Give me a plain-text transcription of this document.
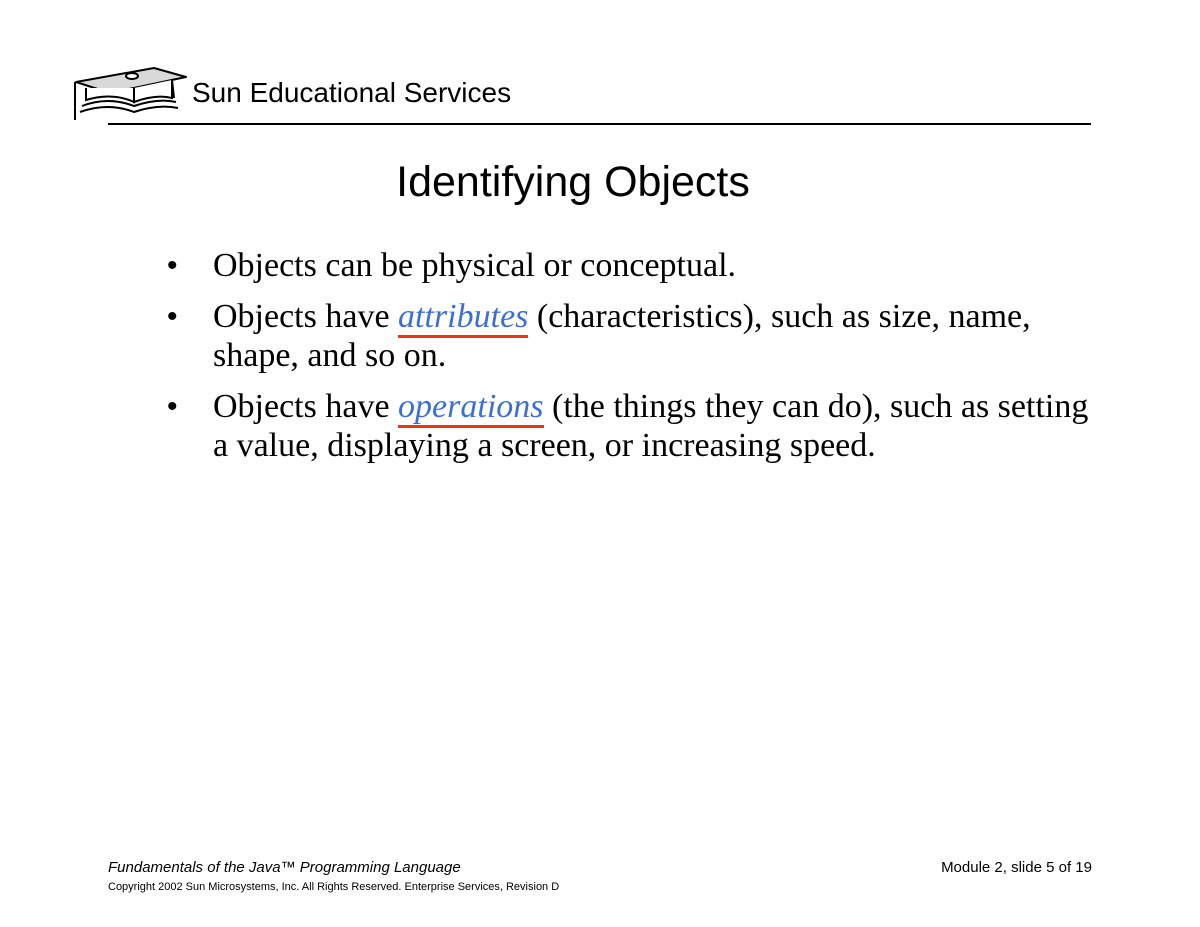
Sun Educational Services
Identifying Objects
• Objects can be physical or conceptual.
• Objects have attributes (characteristics), such as size, name, shape, and so on.
• Objects have operations (the things they can do), such as setting a value, displaying a screen, or increasing speed.
Fundamentals of the Java™ Programming Language
Copyright 2002 Sun Microsystems, Inc. All Rights Reserved. Enterprise Services, Revision D
Module 2, slide 5 of 19
